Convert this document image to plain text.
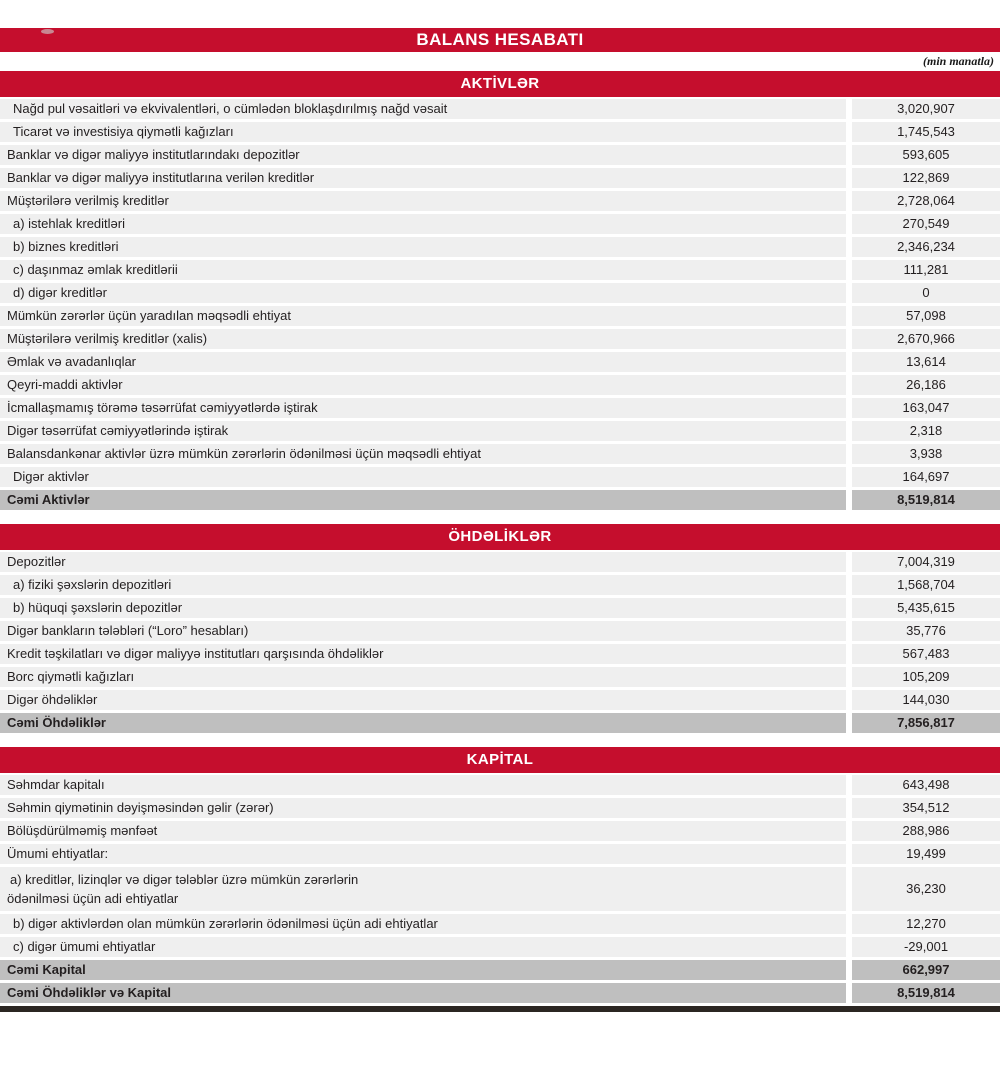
BALANS HESABATI
(min manatla)
AKTİVLƏR
Nağd pul vəsaitləri və ekvivalentləri, o cümlədən bloklaşdırılmış nağd vəsait	3,020,907
Ticarət və investisiya qiymətli kağızları	1,745,543
Banklar və digər maliyyə institutlarındakı depozitlər	593,605
Banklar və digər maliyyə institutlarına verilən kreditlər	122,869
Müştərilərə verilmiş kreditlər	2,728,064
a) istehlak kreditləri	270,549
b) biznes kreditləri	2,346,234
c) daşınmaz əmlak kreditlərii	111,281
d) digər kreditlər	0
Mümkün zərərlər üçün yaradılan məqsədli ehtiyat	57,098
Müştərilərə verilmiş kreditlər (xalis)	2,670,966
Əmlak və avadanlıqlar	13,614
Qeyri-maddi aktivlər	26,186
İcmallaşmamış törəmə təsərrüfat cəmiyyətlərdə iştirak	163,047
Digər təsərrüfat cəmiyyətlərində iştirak	2,318
Balansdankənar aktivlər üzrə mümkün zərərlərin ödənilməsi üçün məqsədli ehtiyat	3,938
Digər aktivlər	164,697
Cəmi Aktivlər	8,519,814
ÖHDƏLİKLƏR
Depozitlər	7,004,319
a) fiziki şəxslərin depozitləri	1,568,704
b) hüquqi şəxslərin depozitlər	5,435,615
Digər bankların tələbləri (“Loro” hesabları)	35,776
Kredit təşkilatları və digər maliyyə institutları qarşısında öhdəliklər	567,483
Borc qiymətli kağızları	105,209
Digər öhdəliklər	144,030
Cəmi Öhdəliklər	7,856,817
KAPİTAL
Səhmdar kapitalı	643,498
Səhmin qiymətinin dəyişməsindən gəlir (zərər)	354,512
Bölüşdürülməmiş mənfəət	288,986
Ümumi ehtiyatlar:	19,499
a) kreditlər, lizinqlər və digər tələblər üzrə mümkün zərərlərin
ödənilməsi üçün adi ehtiyatlar
36,230
b) digər aktivlərdən olan mümkün zərərlərin ödənilməsi üçün adi ehtiyatlar	12,270
c) digər ümumi ehtiyatlar	-29,001
Cəmi Kapital	662,997
Cəmi Öhdəliklər və Kapital	8,519,814
